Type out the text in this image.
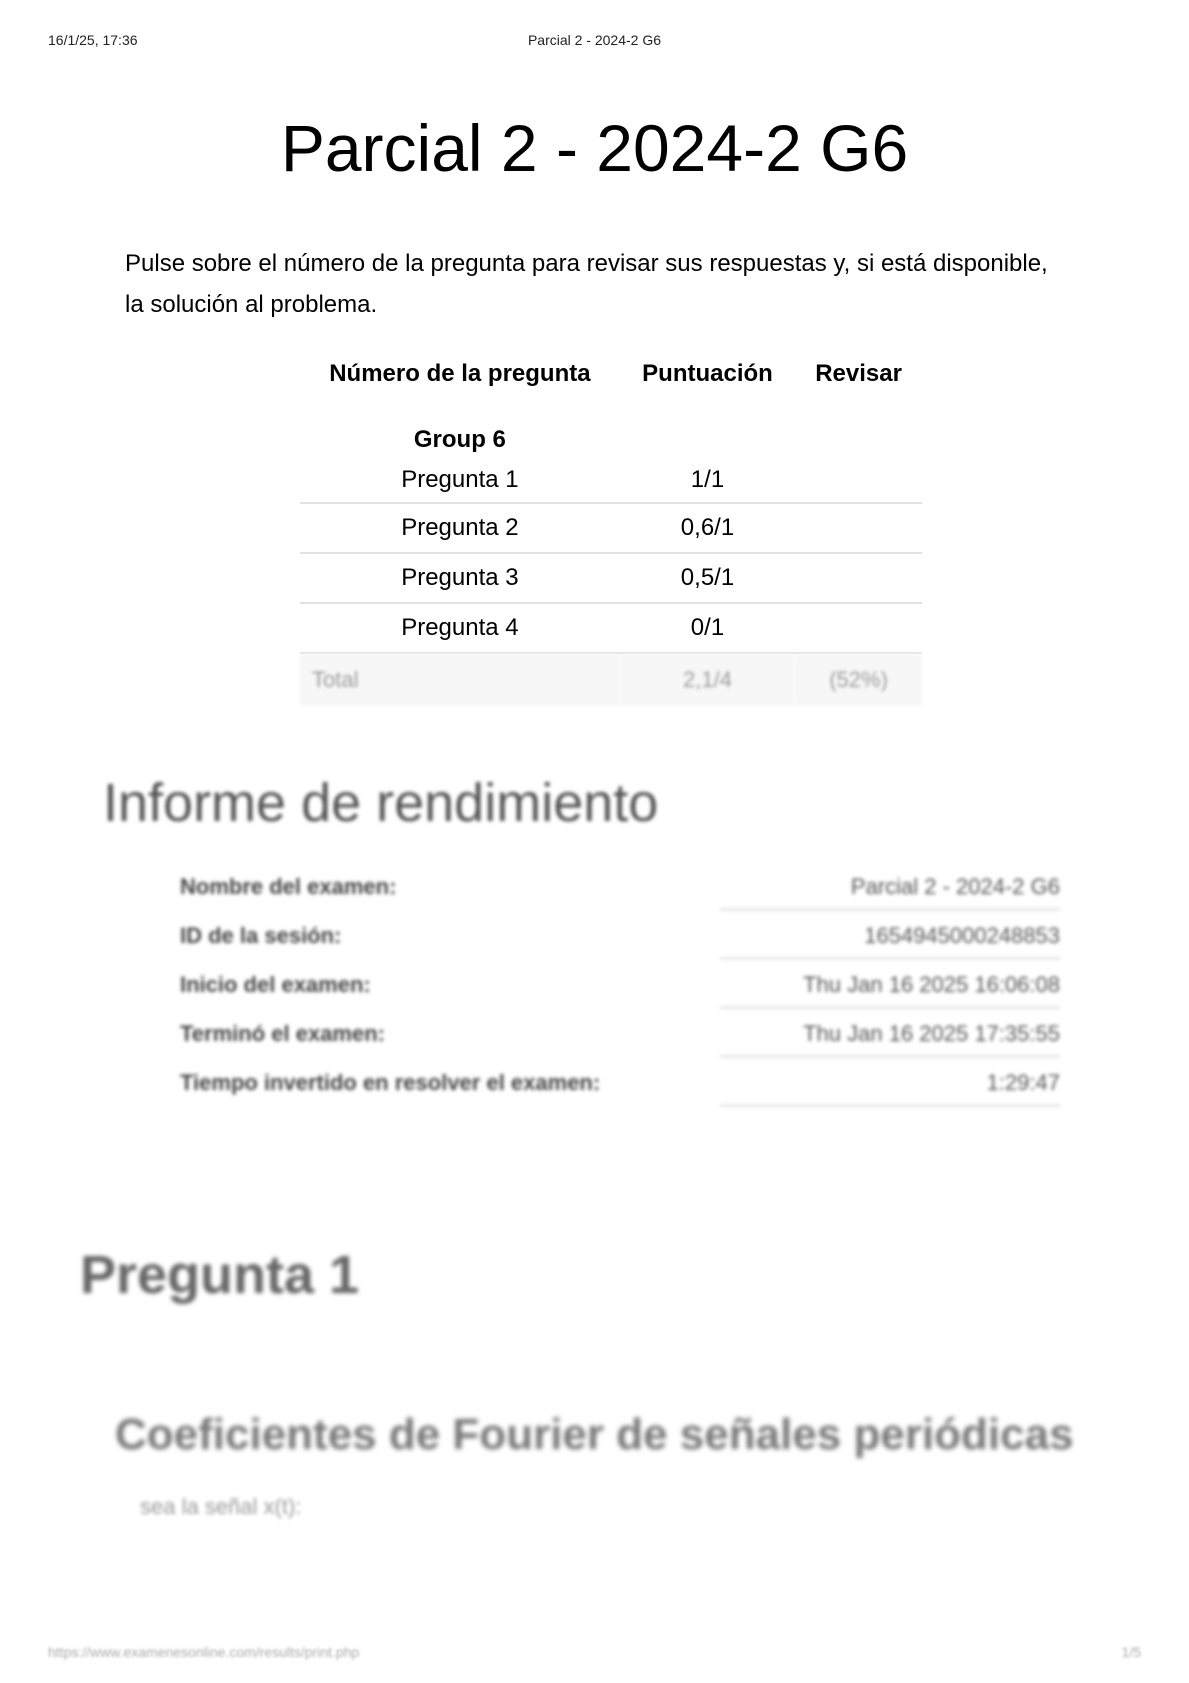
16/1/25, 17:36	Parcial 2 - 2024-2 G6
Parcial 2 - 2024-2 G6

Pulse sobre el número de la pregunta para revisar sus respuestas y, si está disponible, la solución al problema.

Número de la pregunta	Puntuación	Revisar
Group 6		
Pregunta 1	1/1	
Pregunta 2	0,6/1	
Pregunta 3	0,5/1	
Pregunta 4	0/1	
Total	2,1/4	(52%)
Informe de rendimiento
Nombre del examen:	Parcial 2 - 2024-2 G6
ID de la sesión:	1654945000248853
Inicio del examen:	Thu Jan 16 2025 16:06:08
Terminó el examen:	Thu Jan 16 2025 17:35:55
Tiempo invertido en resolver el examen:	1:29:47
Pregunta 1
Coeficientes de Fourier de señales periódicas

sea la señal x(t):

https://www.examenesonline.com/results/print.php	1/5
